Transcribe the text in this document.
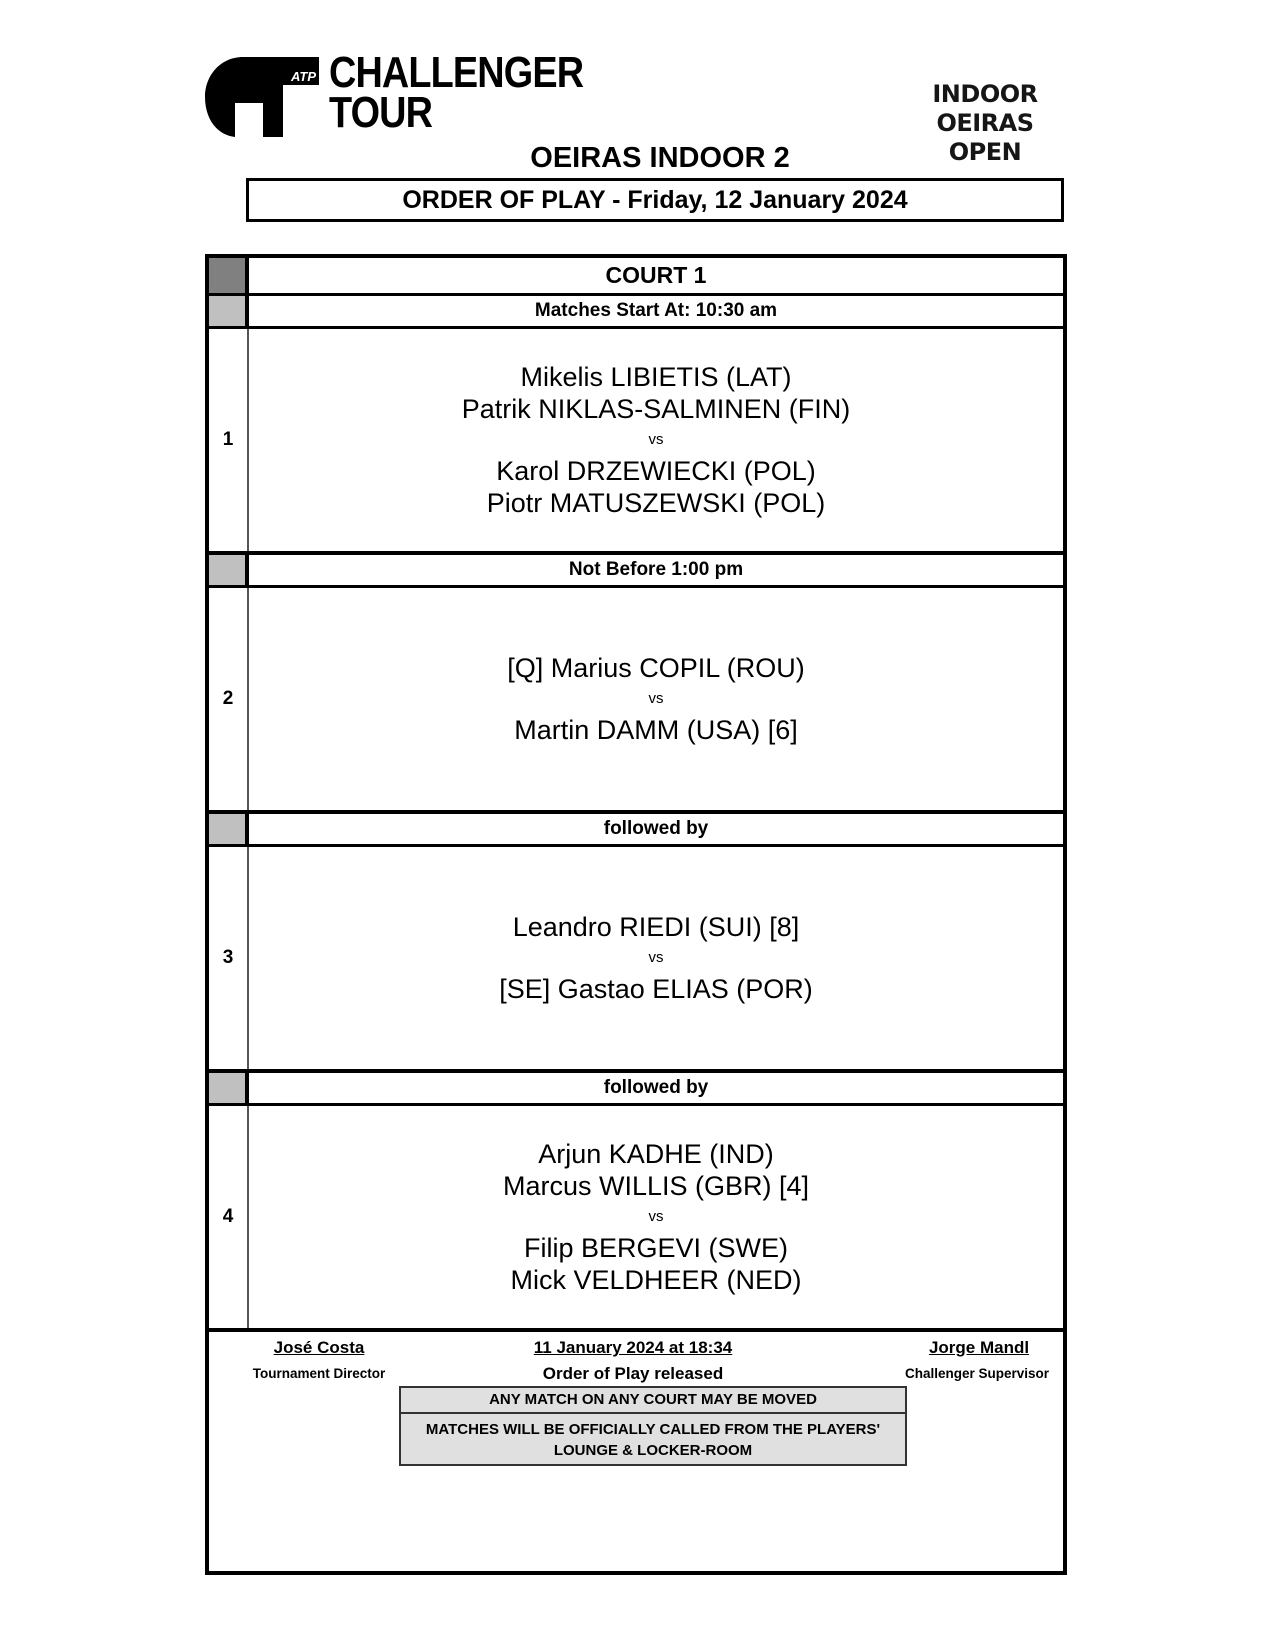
ATP CHALLENGER
TOUR	INDOOR
OEIRAS
OPEN
OEIRAS INDOOR 2
ORDER OF PLAY - Friday, 12 January 2024
COURT 1
Matches Start At: 10:30 am
1
Mikelis LIBIETIS (LAT)
Patrik NIKLAS-SALMINEN (FIN)
vs
Karol DRZEWIECKI (POL)
Piotr MATUSZEWSKI (POL)
Not Before 1:00 pm
2
[Q] Marius COPIL (ROU)
vs
Martin DAMM (USA) [6]
followed by
3
Leandro RIEDI (SUI) [8]
vs
[SE] Gastao ELIAS (POR)
followed by
4
Arjun KADHE (IND)
Marcus WILLIS (GBR) [4]
vs
Filip BERGEVI (SWE)
Mick VELDHEER (NED)
José Costa
Tournament Director
11 January 2024 at 18:34
Order of Play released
Jorge Mandl
Challenger Supervisor
ANY MATCH ON ANY COURT MAY BE MOVED
MATCHES WILL BE OFFICIALLY CALLED FROM THE PLAYERS' LOUNGE & LOCKER-ROOM
